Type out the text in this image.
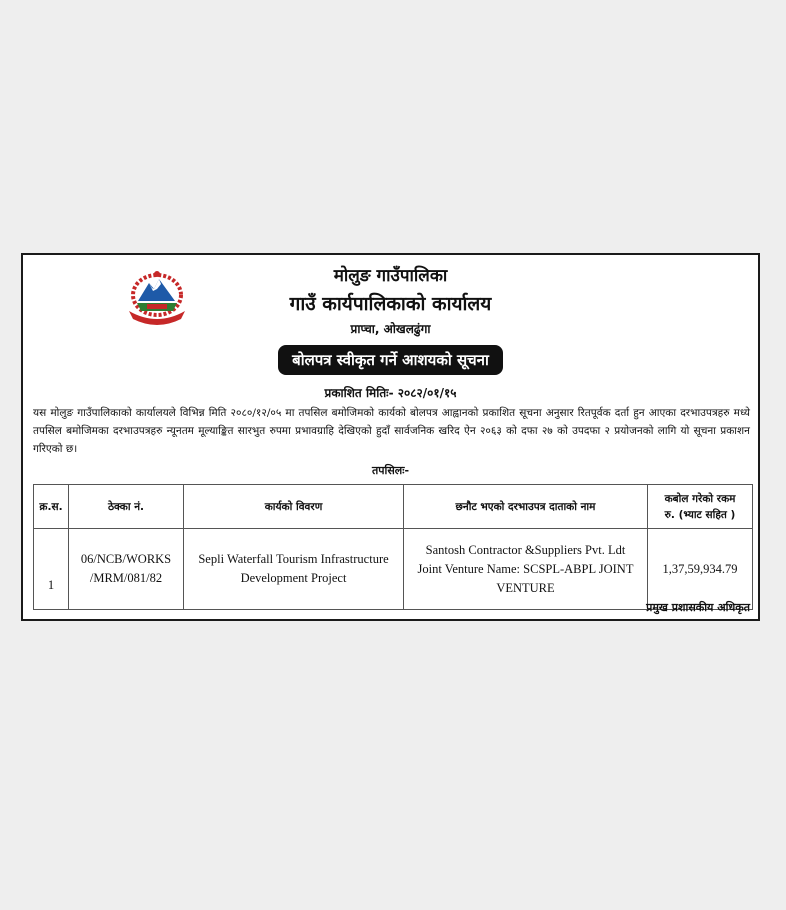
मोलुङ गाउँपालिका
गाउँ कार्यपालिकाको कार्यालय
प्राप्चा, ओखलढुंगा
बोलपत्र स्वीकृत गर्ने आशयको सूचना
प्रकाशित मितिः- २०८२/०१/१५
यस मोलुङ गाउँपालिकाको कार्यालयले विभिन्न मिति २०८०/१२/०५ मा तपसिल बमोजिमको कार्यको बोलपत्र आह्वानको प्रकाशित सूचना अनुसार रितपूर्वक दर्ता हुन आएका दरभाउपत्रहरु मध्ये तपसिल बमोजिमका दरभाउपत्रहरु न्यूनतम मूल्याङ्कित सारभुत रुपमा प्रभावग्राहि देखिएको हुदाँ सार्वजनिक खरिद ऐन २०६३ को दफा २७ को उपदफा २ प्रयोजनको लागि यो सूचना प्रकाशन गरिएको छ।
तपसिलः-
क्र.स.	ठेक्का नं.	कार्यको विवरण	छनौट भएको दरभाउपत्र दाताको नाम	कबोल गरेको रकम
रु. (भ्याट सहित )
1	06/NCB/WORKS
/MRM/081/82	Sepli Waterfall Tourism Infrastructure
Development Project	Santosh Contractor &Suppliers Pvt. Ldt
Joint Venture Name: SCSPL-ABPL JOINT
VENTURE	1,37,59,934.79
प्रमुख प्रशासकीय अधिकृत
